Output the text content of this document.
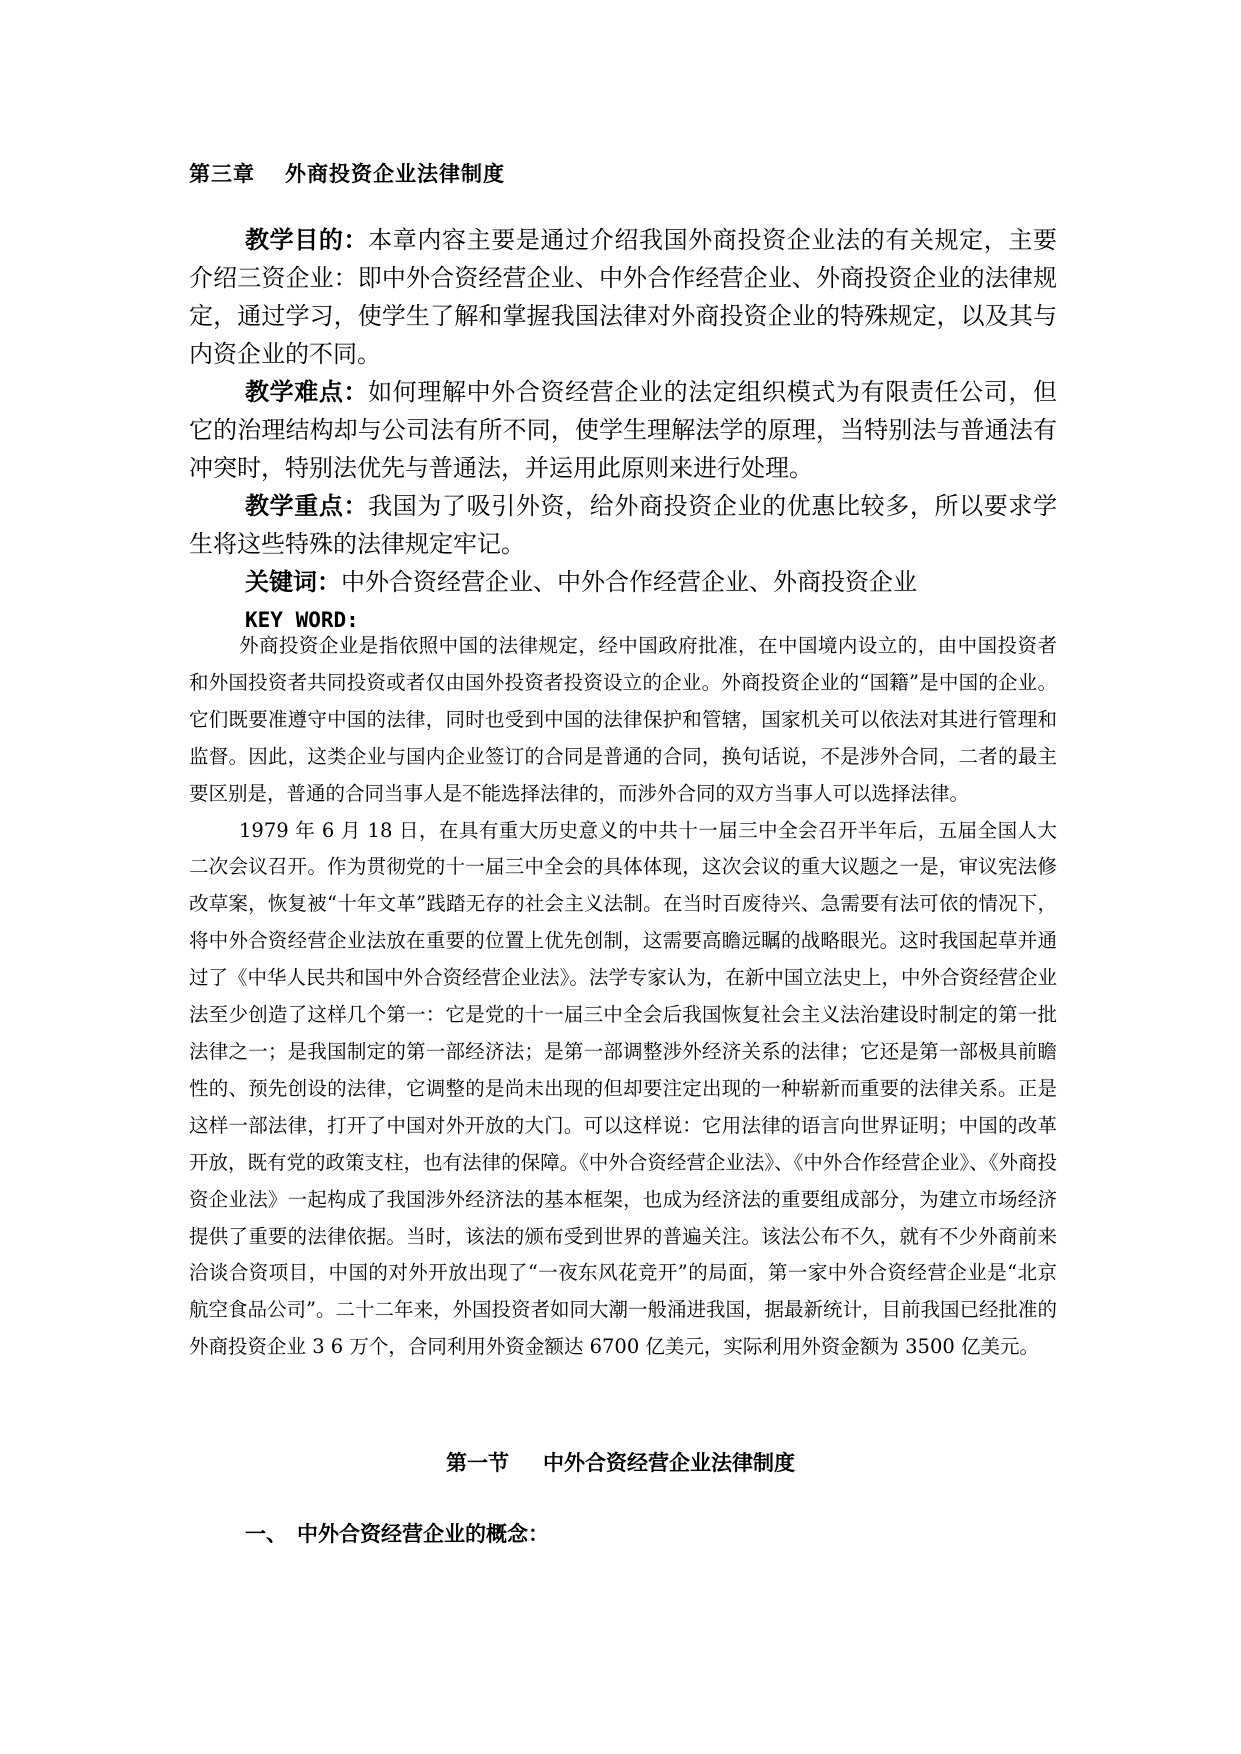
第三章 外商投资企业法律制度

教学目的：本章内容主要是通过介绍我国外商投资企业法的有关规定，主要介绍三资企业：即中外合资经营企业、中外合作经营企业、外商投资企业的法律规定，通过学习，使学生了解和掌握我国法律对外商投资企业的特殊规定，以及其与内资企业的不同。

教学难点：如何理解中外合资经营企业的法定组织模式为有限责任公司，但它的治理结构却与公司法有所不同，使学生理解法学的原理，当特别法与普通法有冲突时，特别法优先与普通法，并运用此原则来进行处理。

教学重点：我国为了吸引外资，给外商投资企业的优惠比较多，所以要求学生将这些特殊的法律规定牢记。

关键词：中外合资经营企业、中外合作经营企业、外商投资企业

KEY WORD:

外商投资企业是指依照中国的法律规定，经中国政府批准，在中国境内设立的，由中国投资者和外国投资者共同投资或者仅由国外投资者投资设立的企业。外商投资企业的“国籍”是中国的企业。它们既要准遵守中国的法律，同时也受到中国的法律保护和管辖，国家机关可以依法对其进行管理和监督。因此，这类企业与国内企业签订的合同是普通的合同，换句话说，不是涉外合同，二者的最主要区别是，普通的合同当事人是不能选择法律的，而涉外合同的双方当事人可以选择法律。

1979 年 6 月 18 日，在具有重大历史意义的中共十一届三中全会召开半年后，五届全国人大二次会议召开。作为贯彻党的十一届三中全会的具体体现，这次会议的重大议题之一是，审议宪法修改草案，恢复被“十年文革”践踏无存的社会主义法制。在当时百废待兴、急需要有法可依的情况下，将中外合资经营企业法放在重要的位置上优先创制，这需要高瞻远瞩的战略眼光。这时我国起草并通过了《中华人民共和国中外合资经营企业法》。法学专家认为，在新中国立法史上，中外合资经营企业法至少创造了这样几个第一：它是党的十一届三中全会后我国恢复社会主义法治建设时制定的第一批法律之一；是我国制定的第一部经济法；是第一部调整涉外经济关系的法律；它还是第一部极具前瞻性的、预先创设的法律，它调整的是尚未出现的但却要注定出现的一种崭新而重要的法律关系。正是这样一部法律，打开了中国对外开放的大门。可以这样说：它用法律的语言向世界证明；中国的改革开放，既有党的政策支柱，也有法律的保障。《中外合资经营企业法》、《中外合作经营企业》、《外商投资企业法》一起构成了我国涉外经济法的基本框架，也成为经济法的重要组成部分，为建立市场经济提供了重要的法律依据。当时，该法的颁布受到世界的普遍关注。该法公布不久，就有不少外商前来洽谈合资项目，中国的对外开放出现了“一夜东风花竞开”的局面，第一家中外合资经营企业是“北京航空食品公司”。二十二年来，外国投资者如同大潮一般涌进我国，据最新统计，目前我国已经批准的外商投资企业 3 6 万个，合同利用外资金额达 6700 亿美元，实际利用外资金额为 3500 亿美元。

第一节 中外合资经营企业法律制度
一、 中外合资经营企业的概念：
